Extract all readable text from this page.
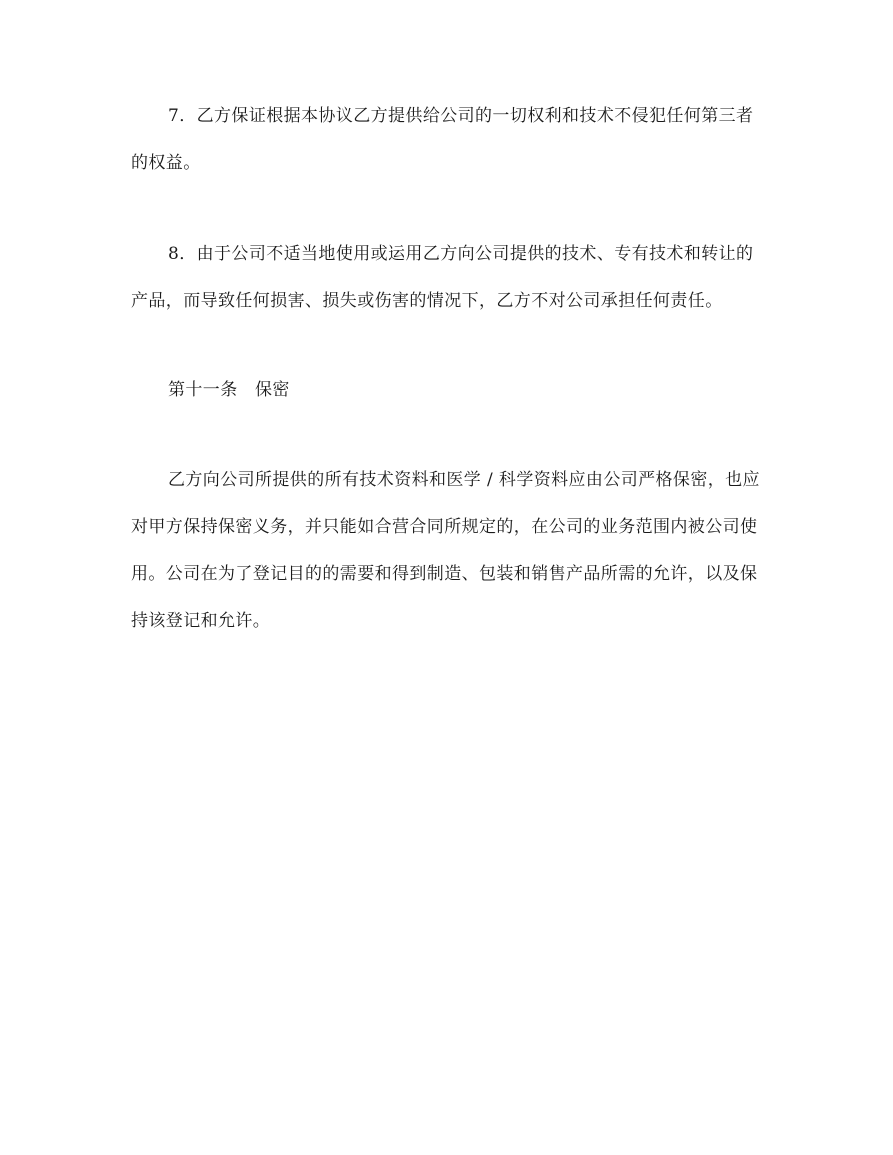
7．乙方保证根据本协议乙方提供给公司的一切权利和技术不侵犯任何第三者
的权益。
8．由于公司不适当地使用或运用乙方向公司提供的技术、专有技术和转让的
产品，而导致任何损害、损失或伤害的情况下，乙方不对公司承担任何责任。
第十一条　保密
乙方向公司所提供的所有技术资料和医学 / 科学资料应由公司严格保密，也应
对甲方保持保密义务，并只能如合营合同所规定的，在公司的业务范围内被公司使
用。公司在为了登记目的的需要和得到制造、包装和销售产品所需的允许，以及保
持该登记和允许。
